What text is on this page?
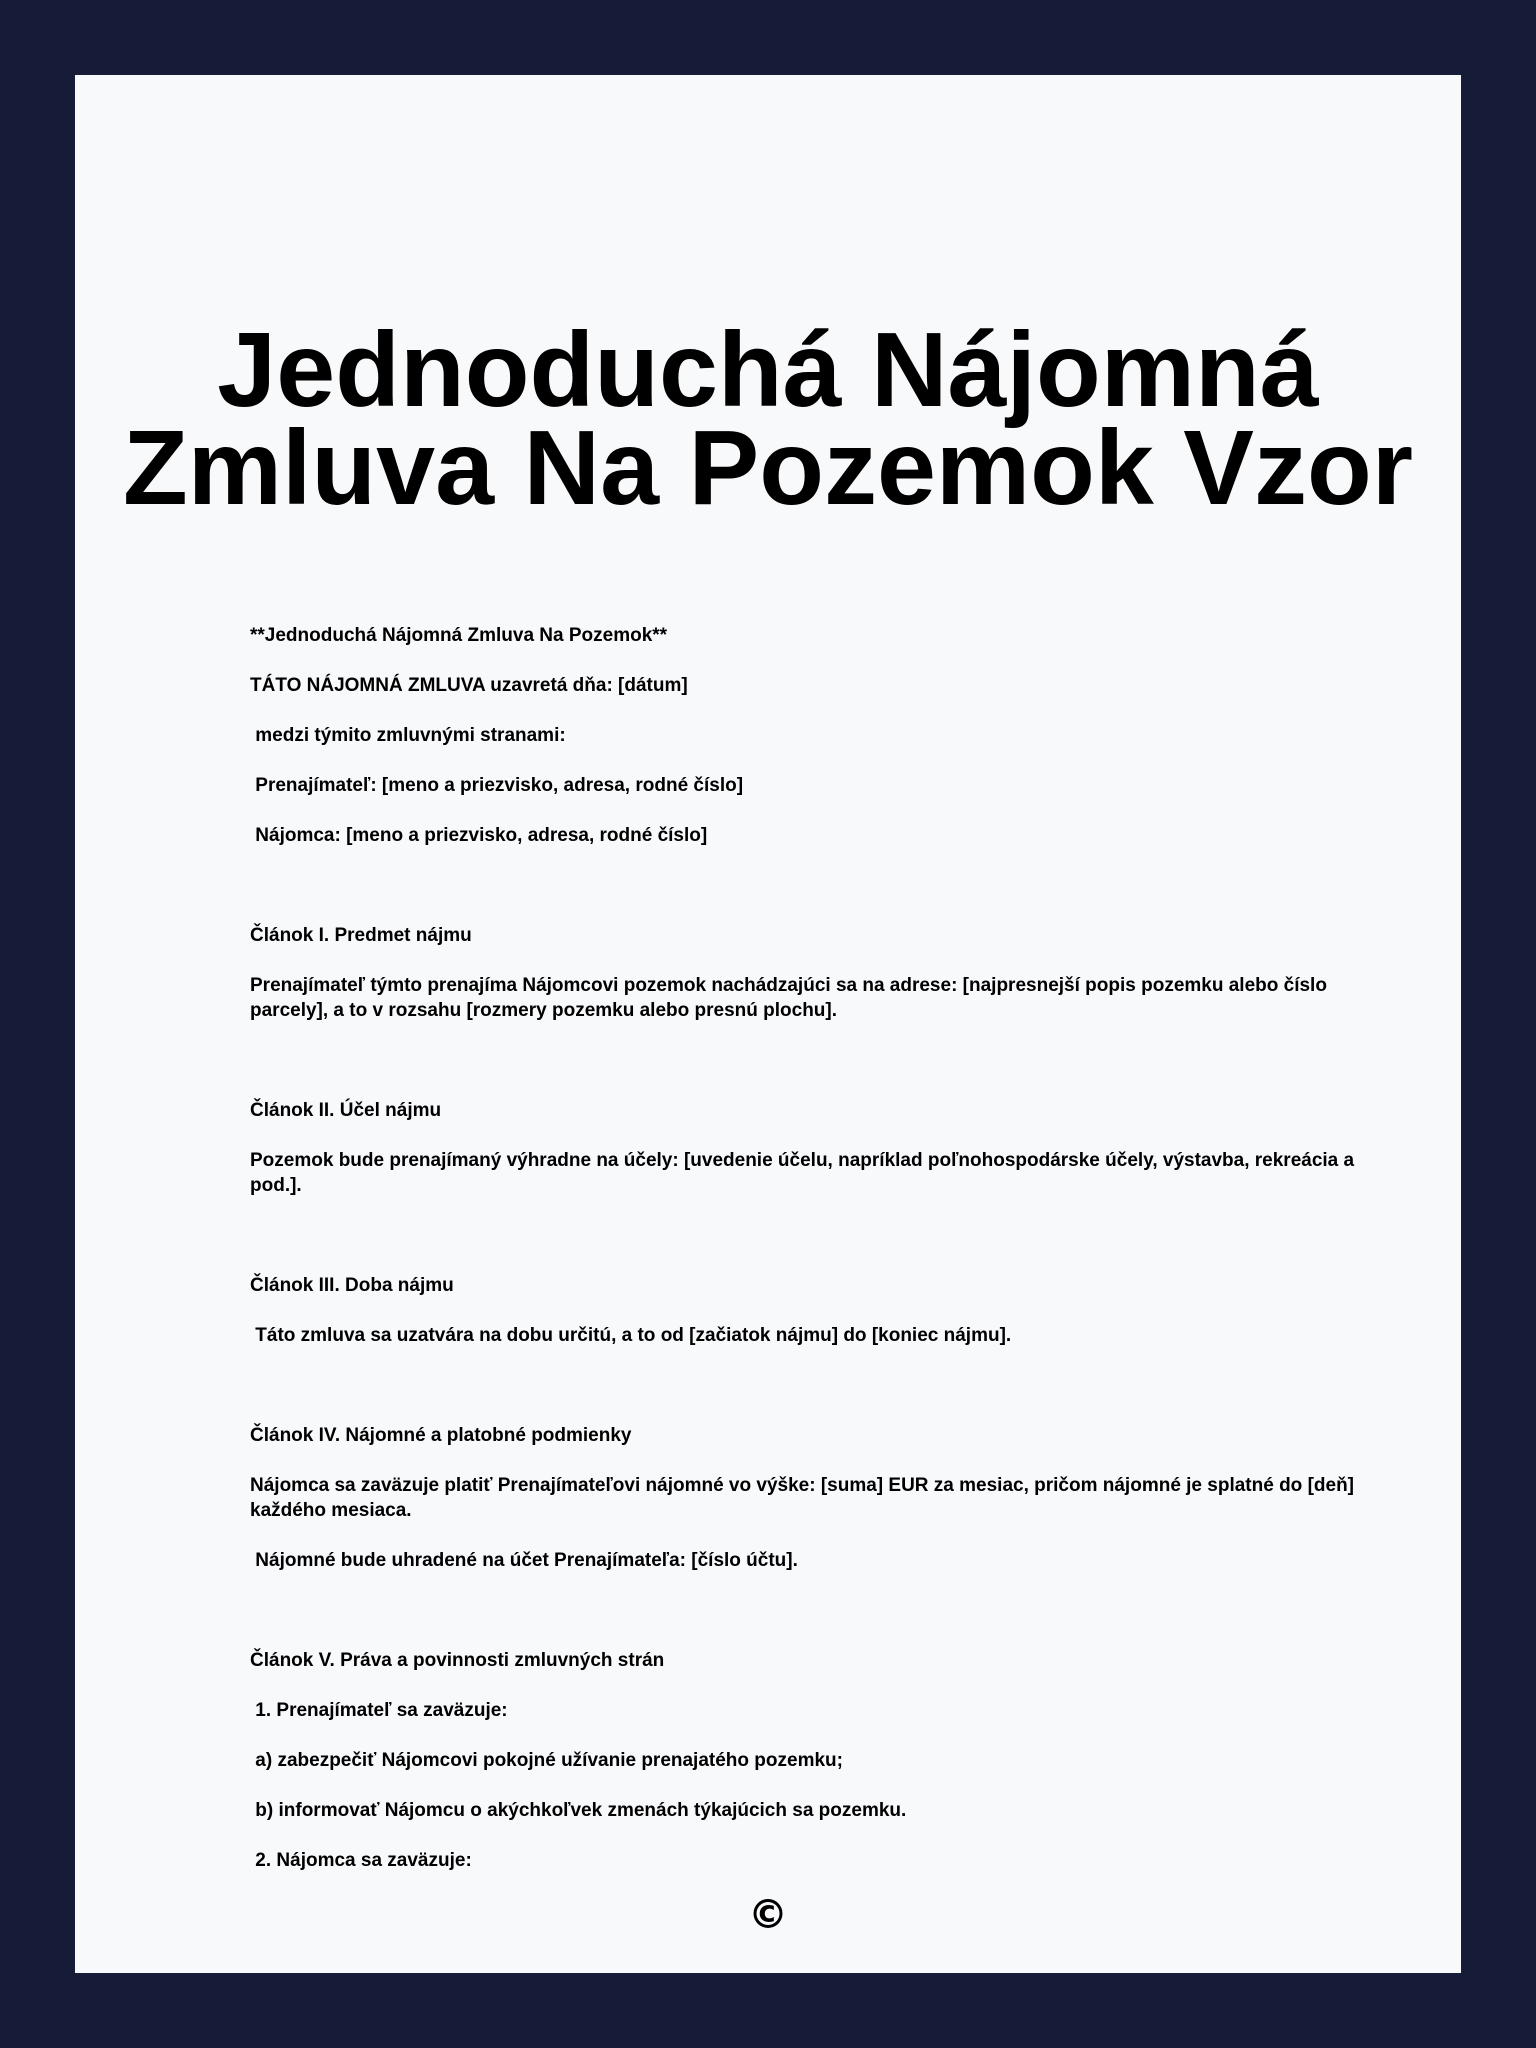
Jednoduchá Nájomná
Zmluva Na Pozemok Vzor

**Jednoduchá Nájomná Zmluva Na Pozemok**

TÁTO NÁJOMNÁ ZMLUVA uzavretá dňa: [dátum]

medzi týmito zmluvnými stranami:

Prenajímateľ: [meno a priezvisko, adresa, rodné číslo]

Nájomca: [meno a priezvisko, adresa, rodné číslo]

Článok I. Predmet nájmu

Prenajímateľ týmto prenajíma Nájomcovi pozemok nachádzajúci sa na adrese: [najpresnejší popis pozemku alebo číslo parcely], a to v rozsahu [rozmery pozemku alebo presnú plochu].

Článok II. Účel nájmu

Pozemok bude prenajímaný výhradne na účely: [uvedenie účelu, napríklad poľnohospodárske účely, výstavba, rekreácia a pod.].

Článok III. Doba nájmu

Táto zmluva sa uzatvára na dobu určitú, a to od [začiatok nájmu] do [koniec nájmu].

Článok IV. Nájomné a platobné podmienky

Nájomca sa zaväzuje platiť Prenajímateľovi nájomné vo výške: [suma] EUR za mesiac, pričom nájomné je splatné do [deň] každého mesiaca.

Nájomné bude uhradené na účet Prenajímateľa: [číslo účtu].

Článok V. Práva a povinnosti zmluvných strán

1. Prenajímateľ sa zaväzuje:

a) zabezpečiť Nájomcovi pokojné užívanie prenajatého pozemku;

b) informovať Nájomcu o akýchkoľvek zmenách týkajúcich sa pozemku.

2. Nájomca sa zaväzuje:

©
